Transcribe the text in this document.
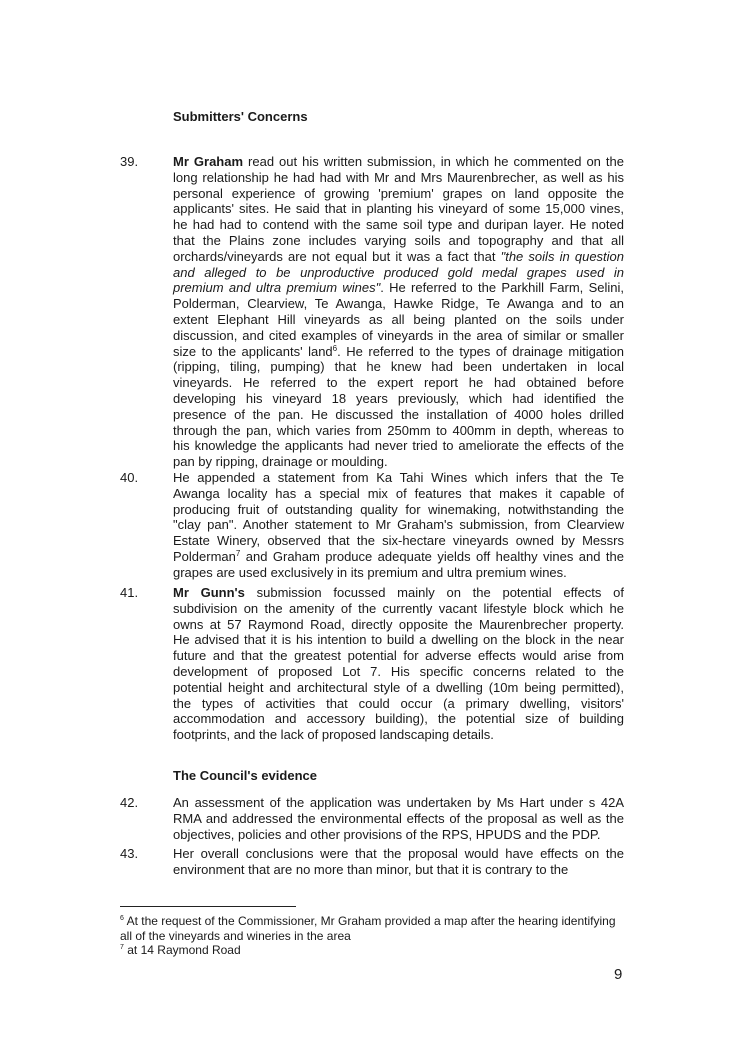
Submitters' Concerns
39.	Mr Graham read out his written submission, in which he commented on the
long relationship he had had with Mr and Mrs Maurenbrecher, as well as his
personal experience of growing 'premium' grapes on land opposite the
applicants' sites. He said that in planting his vineyard of some 15,000 vines,
he had had to contend with the same soil type and duripan layer. He noted
that the Plains zone includes varying soils and topography and that all
orchards/vineyards are not equal but it was a fact that "the soils in question
and alleged to be unproductive produced gold medal grapes used in
premium and ultra premium wines". He referred to the Parkhill Farm, Selini,
Polderman, Clearview, Te Awanga, Hawke Ridge, Te Awanga and to an
extent Elephant Hill vineyards as all being planted on the soils under
discussion, and cited examples of vineyards in the area of similar or smaller
size to the applicants' land$^6$. He referred to the types of drainage mitigation
(ripping, tiling, pumping) that he knew had been undertaken in local
vineyards. He referred to the expert report he had obtained before
developing his vineyard 18 years previously, which had identified the
presence of the pan. He discussed the installation of 4000 holes drilled
through the pan, which varies from 250mm to 400mm in depth, whereas to
his knowledge the applicants had never tried to ameliorate the effects of the
pan by ripping, drainage or moulding.
40.	He appended a statement from Ka Tahi Wines which infers that the Te
Awanga locality has a special mix of features that makes it capable of
producing fruit of outstanding quality for winemaking, notwithstanding the
"clay pan". Another statement to Mr Graham's submission, from Clearview
Estate Winery, observed that the six-hectare vineyards owned by Messrs
Polderman$^7$ and Graham produce adequate yields off healthy vines and the
grapes are used exclusively in its premium and ultra premium wines.
41.	Mr Gunn's submission focussed mainly on the potential effects of
subdivision on the amenity of the currently vacant lifestyle block which he
owns at 57 Raymond Road, directly opposite the Maurenbrecher property.
He advised that it is his intention to build a dwelling on the block in the near
future and that the greatest potential for adverse effects would arise from
development of proposed Lot 7. His specific concerns related to the
potential height and architectural style of a dwelling (10m being permitted),
the types of activities that could occur (a primary dwelling, visitors'
accommodation and accessory building), the potential size of building
footprints, and the lack of proposed landscaping details.
The Council's evidence
42.	An assessment of the application was undertaken by Ms Hart under s 42A
RMA and addressed the environmental effects of the proposal as well as the
objectives, policies and other provisions of the RPS, HPUDS and the PDP.
43.	Her overall conclusions were that the proposal would have effects on the
environment that are no more than minor, but that it is contrary to the
$^6$ At the request of the Commissioner, Mr Graham provided a map after the hearing identifying
all of the vineyards and wineries in the area
$^7$ at 14 Raymond Road
9
